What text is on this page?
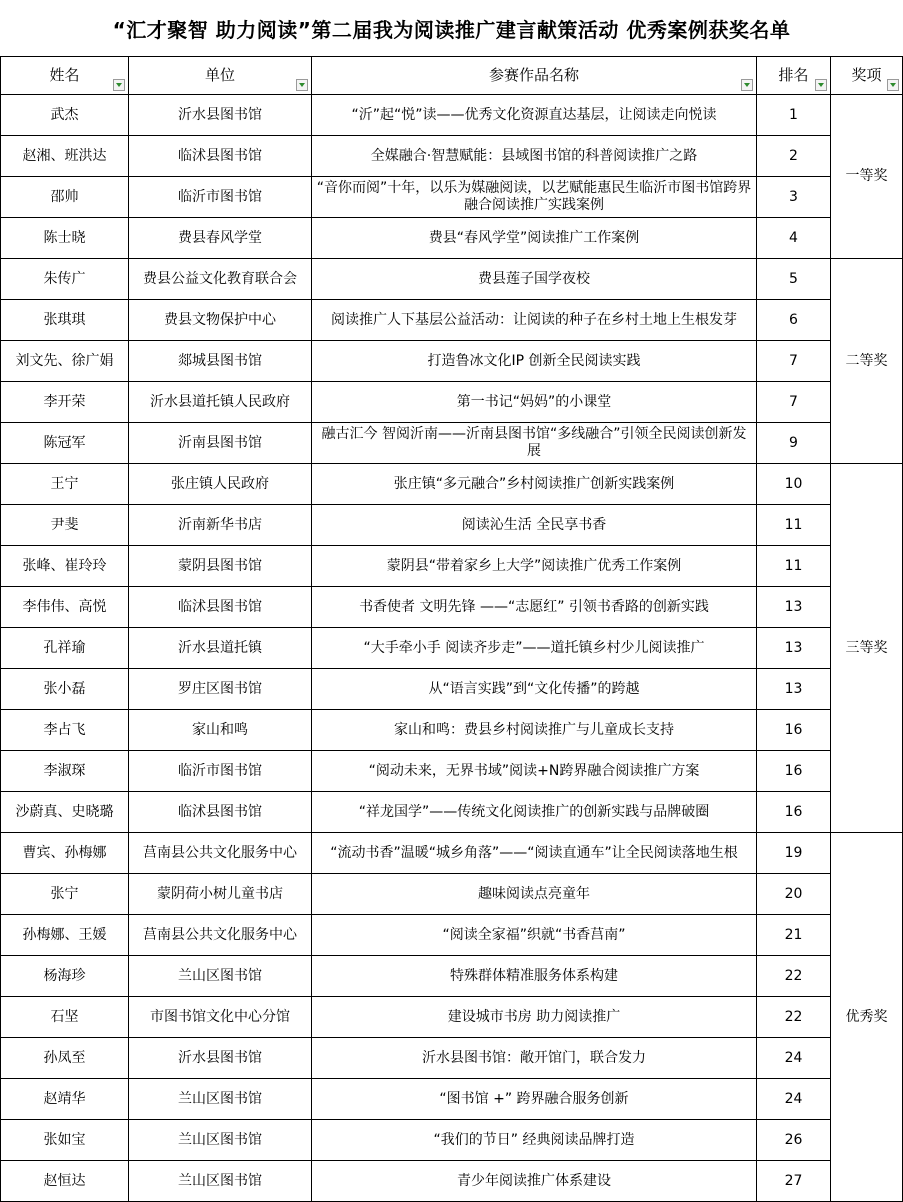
“汇才聚智 助力阅读”第二届我为阅读推广建言献策活动 优秀案例获奖名单
姓名	单位	参赛作品名称	排名	奖项

武杰	沂水县图书馆	“沂”起“悦”读——优秀文化资源直达基层，让阅读走向悦读	1	一等奖
赵湘、班洪达	临沭县图书馆	全媒融合·智慧赋能：县域图书馆的科普阅读推广之路	2	
邵帅	临沂市图书馆	“音你而阅”十年，以乐为媒融阅读，以艺赋能惠民生临沂市图书馆跨界融合阅读推广实践案例	3	
陈士晓	费县春风学堂	费县“春风学堂”阅读推广工作案例	4	
朱传广	费县公益文化教育联合会	费县莲子国学夜校	5	二等奖
张琪琪	费县文物保护中心	阅读推广人下基层公益活动：让阅读的种子在乡村土地上生根发芽	6	
刘文先、徐广娟	郯城县图书馆	打造鲁冰文化IP 创新全民阅读实践	7	
李开荣	沂水县道托镇人民政府	第一书记“妈妈”的小课堂	7	
陈冠军	沂南县图书馆	融古汇今 智阅沂南——沂南县图书馆“多线融合”引领全民阅读创新发展	9	
王宁	张庄镇人民政府	张庄镇“多元融合”乡村阅读推广创新实践案例	10	三等奖
尹斐	沂南新华书店	阅读沁生活 全民享书香	11	
张峰、崔玲玲	蒙阴县图书馆	蒙阴县“带着家乡上大学”阅读推广优秀工作案例	11	
李伟伟、高悦	临沭县图书馆	书香使者 文明先锋 ——“志愿红” 引领书香路的创新实践	13	
孔祥瑜	沂水县道托镇	“大手牵小手 阅读齐步走”——道托镇乡村少儿阅读推广	13	
张小磊	罗庄区图书馆	从“语言实践”到“文化传播”的跨越	13	
李占飞	家山和鸣	家山和鸣：费县乡村阅读推广与儿童成长支持	16	
李淑琛	临沂市图书馆	“阅动未来，无界书域”阅读+N跨界融合阅读推广方案	16	
沙蔚真、史晓璐	临沭县图书馆	“祥龙国学”——传统文化阅读推广的创新实践与品牌破圈	16	
曹宾、孙梅娜	莒南县公共文化服务中心	“流动书香”温暖“城乡角落”——“阅读直通车”让全民阅读落地生根	19	优秀奖
张宁	蒙阴荷小树儿童书店	趣味阅读点亮童年	20	
孙梅娜、王媛	莒南县公共文化服务中心	“阅读全家福”织就“书香莒南”	21	
杨海珍	兰山区图书馆	特殊群体精准服务体系构建	22	
石坚	市图书馆文化中心分馆	建设城市书房 助力阅读推广	22	
孙凤至	沂水县图书馆	沂水县图书馆：敞开馆门，联合发力	24	
赵靖华	兰山区图书馆	“图书馆 +” 跨界融合服务创新	24	
张如宝	兰山区图书馆	“我们的节日” 经典阅读品牌打造	26	
赵恒达	兰山区图书馆	青少年阅读推广体系建设	27	
